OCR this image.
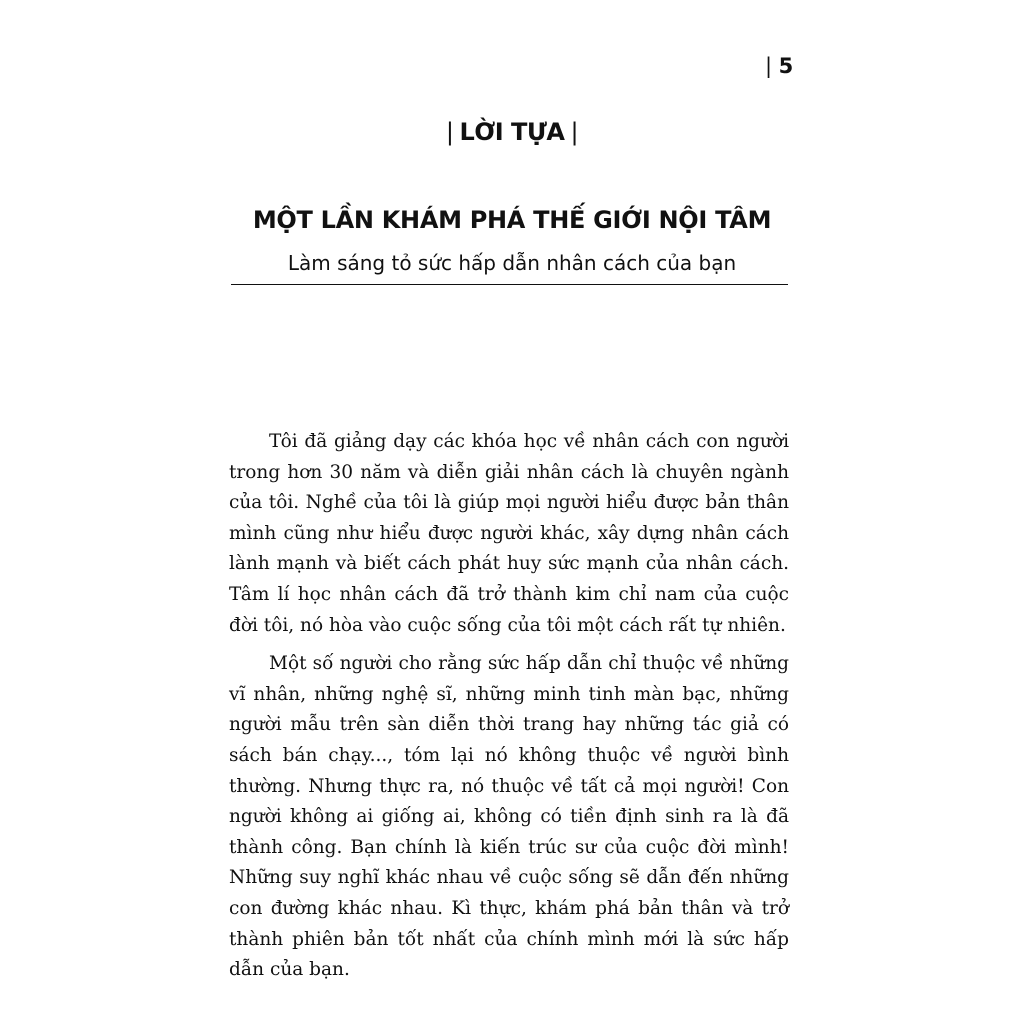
| 5
| LỜI TỰA |
MỘT LẦN KHÁM PHÁ THẾ GIỚI NỘI TÂM
Làm sáng tỏ sức hấp dẫn nhân cách của bạn

Tôi đã giảng dạy các khóa học về nhân cách con người trong hơn 30 năm và diễn giải nhân cách là chuyên ngành của tôi. Nghề của tôi là giúp mọi người hiểu được bản thân mình cũng như hiểu được người khác, xây dựng nhân cách lành mạnh và biết cách phát huy sức mạnh của nhân cách. Tâm lí học nhân cách đã trở thành kim chỉ nam của cuộc đời tôi, nó hòa vào cuộc sống của tôi một cách rất tự nhiên.

Một số người cho rằng sức hấp dẫn chỉ thuộc về những vĩ nhân, những nghệ sĩ, những minh tinh màn bạc, những người mẫu trên sàn diễn thời trang hay những tác giả có sách bán chạy..., tóm lại nó không thuộc về người bình thường. Nhưng thực ra, nó thuộc về tất cả mọi người! Con người không ai giống ai, không có tiền định sinh ra là đã thành công. Bạn chính là kiến trúc sư của cuộc đời mình! Những suy nghĩ khác nhau về cuộc sống sẽ dẫn đến những con đường khác nhau. Kì thực, khám phá bản thân và trở thành phiên bản tốt nhất của chính mình mới là sức hấp dẫn của bạn.
